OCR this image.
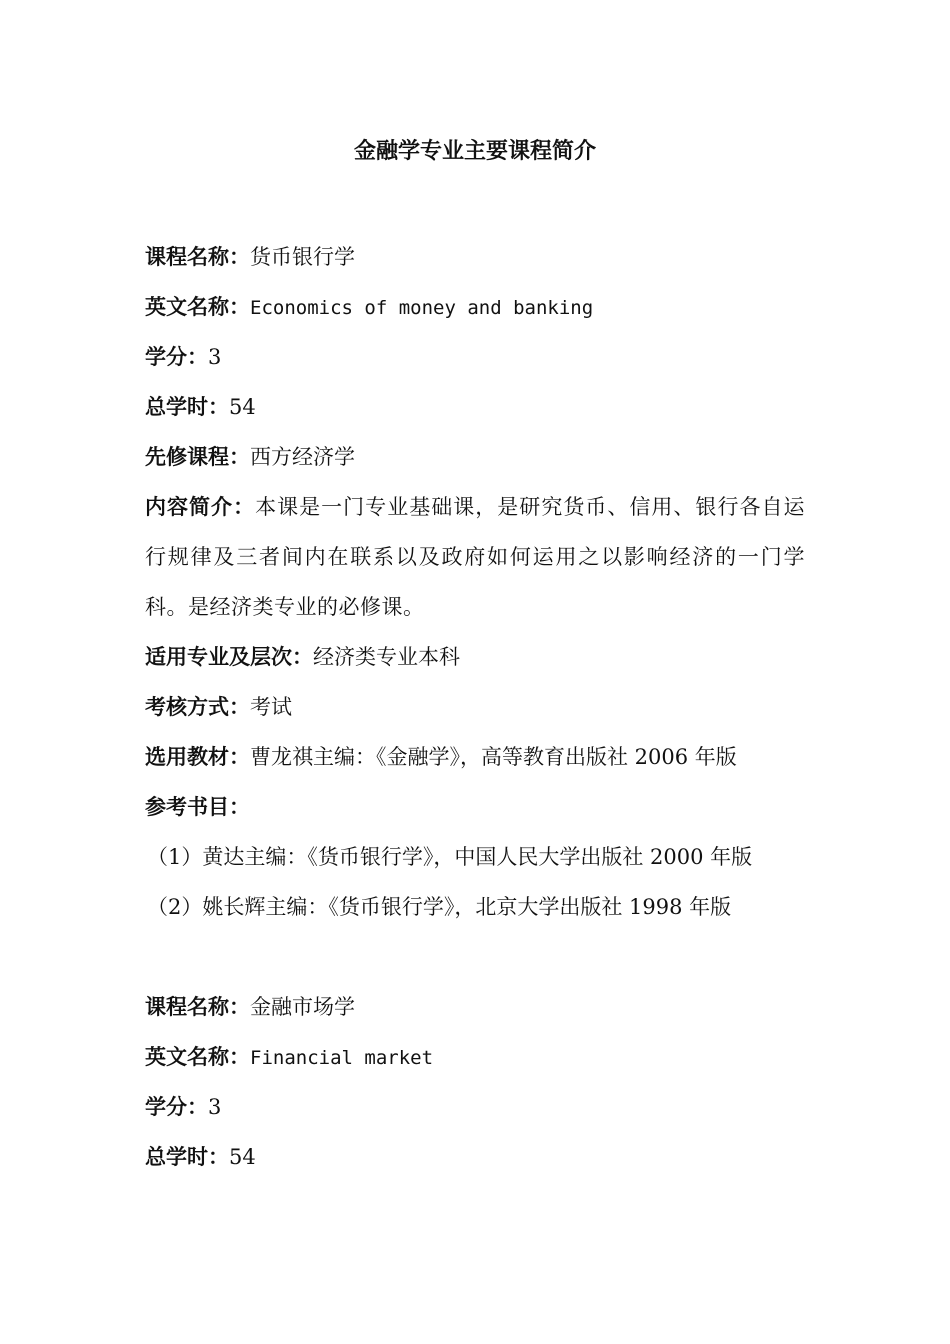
金融学专业主要课程简介
课程名称：货币银行学
英文名称：Economics of money and banking
学分：3
总学时：54
先修课程：西方经济学
内容简介：本课是一门专业基础课，是研究货币、信用、银行各自运行规律及三者间内在联系以及政府如何运用之以影响经济的一门学科。是经济类专业的必修课。
适用专业及层次：经济类专业本科
考核方式：考试
选用教材：曹龙祺主编：《金融学》，高等教育出版社 2006 年版
参考书目：
（1）黄达主编：《货币银行学》，中国人民大学出版社 2000 年版
（2）姚长辉主编：《货币银行学》，北京大学出版社 1998 年版
课程名称：金融市场学
英文名称：Financial market
学分：3
总学时：54
